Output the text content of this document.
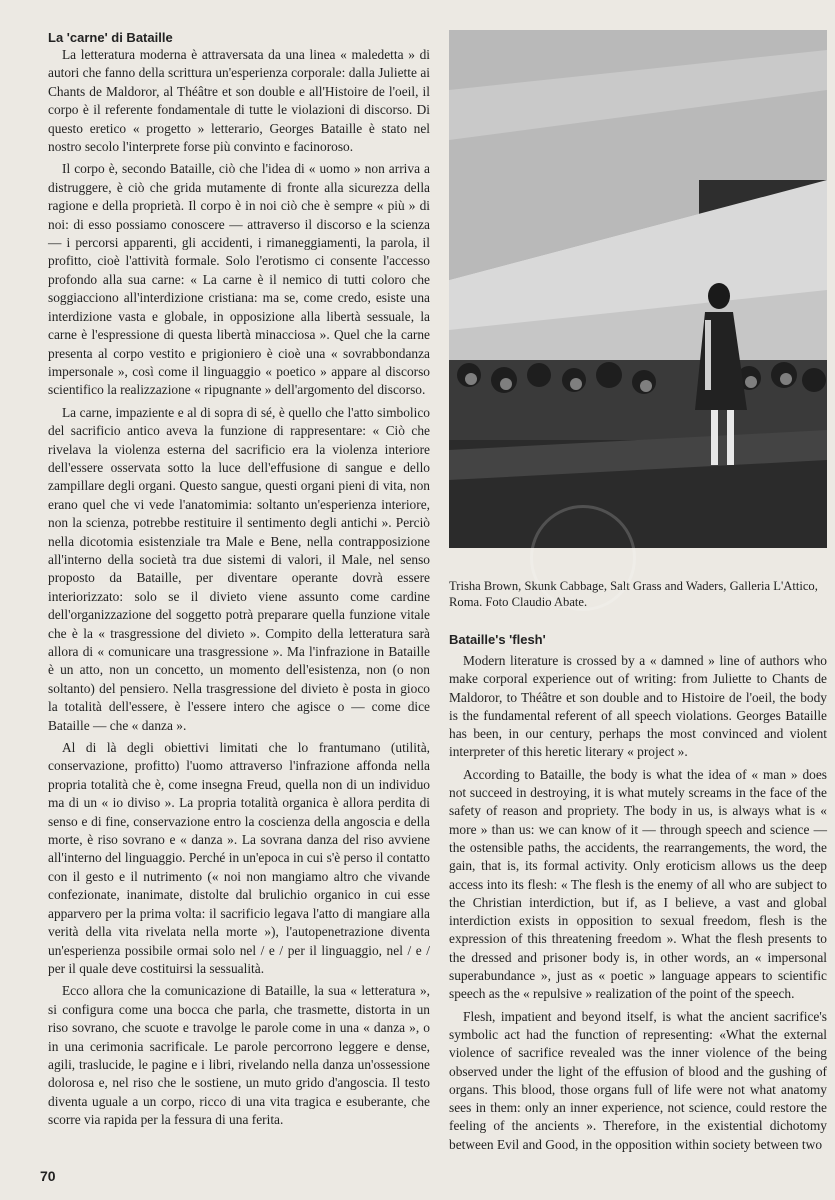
La 'carne' di Bataille

La letteratura moderna è attraversata da una linea « maledetta » di autori che fanno della scrittura un'esperienza corporale: dalla Juliette ai Chants de Maldoror, al Théâtre et son double e all'Histoire de l'oeil, il corpo è il referente fondamentale di tutte le violazioni di discorso. Di questo eretico « progetto » letterario, Georges Bataille è stato nel nostro secolo l'interprete forse più convinto e facinoroso.

Il corpo è, secondo Bataille, ciò che l'idea di « uomo » non arriva a distruggere, è ciò che grida mutamente di fronte alla sicurezza della ragione e della proprietà. Il corpo è in noi ciò che è sempre « più » di noi: di esso possiamo conoscere — attraverso il discorso e la scienza — i percorsi apparenti, gli accidenti, i rimaneggiamenti, la parola, il profitto, cioè l'attività formale. Solo l'erotismo ci consente l'accesso profondo alla sua carne: « La carne è il nemico di tutti coloro che soggiacciono all'interdizione cristiana: ma se, come credo, esiste una interdizione vasta e globale, in opposizione alla libertà sessuale, la carne è l'espressione di questa libertà minacciosa ». Quel che la carne presenta al corpo vestito e prigioniero è cioè una « sovrabbondanza impersonale », così come il linguaggio « poetico » appare al discorso scientifico la realizzazione « ripugnante » dell'argomento del discorso.

La carne, impaziente e al di sopra di sé, è quello che l'atto simbolico del sacrificio antico aveva la funzione di rappresentare: « Ciò che rivelava la violenza esterna del sacrificio era la violenza interiore dell'essere osservata sotto la luce dell'effusione di sangue e dello zampillare degli organi. Questo sangue, questi organi pieni di vita, non erano quel che vi vede l'anatomimia: soltanto un'esperienza interiore, non la scienza, potrebbe restituire il sentimento degli antichi ». Perciò nella dicotomia esistenziale tra Male e Bene, nella contrapposizione all'interno della società tra due sistemi di valori, il Male, nel senso proposto da Bataille, per diventare operante dovrà essere interiorizzato: solo se il divieto viene assunto come cardine dell'organizzazione del soggetto potrà preparare quella funzione vitale che è la « trasgressione del divieto ». Compito della letteratura sarà allora di « comunicare una trasgressione ». Ma l'infrazione in Bataille è un atto, non un concetto, un momento dell'esistenza, non (o non soltanto) del pensiero. Nella trasgressione del divieto è posta in gioco la totalità dell'essere, è l'essere intero che agisce o — come dice Bataille — che « danza ».

Al di là degli obiettivi limitati che lo frantumano (utilità, conservazione, profitto) l'uomo attraverso l'infrazione affonda nella propria totalità che è, come insegna Freud, quella non di un individuo ma di un « io diviso ». La propria totalità organica è allora perdita di senso e di fine, conservazione entro la coscienza della angoscia e della morte, è riso sovrano e « danza ». La sovrana danza del riso avviene all'interno del linguaggio. Perché in un'epoca in cui s'è perso il contatto con il gesto e il nutrimento (« noi non mangiamo altro che vivande confezionate, inanimate, distolte dal brulichio organico in cui esse apparvero per la prima volta: il sacrificio legava l'atto di mangiare alla verità della vita rivelata nella morte »), l'autopenetrazione diventa un'esperienza possibile ormai solo nel / e / per il linguaggio, nel / e / per il quale deve costituirsi la sessualità.

Ecco allora che la comunicazione di Bataille, la sua « letteratura », si configura come una bocca che parla, che trasmette, distorta in un riso sovrano, che scuote e travolge le parole come in una « danza », o in una cerimonia sacrificale. Le parole percorrono leggere e dense, agili, traslucide, le pagine e i libri, rivelando nella danza un'ossessione dolorosa e, nel riso che le sostiene, un muto grido d'angoscia. Il testo diventa uguale a un corpo, ricco di una vita tragica e esuberante, che scorre via rapida per la fessura di una ferita.

Trisha Brown, Skunk Cabbage, Salt Grass and Waders, Galleria L'Attico, Roma. Foto Claudio Abate.
Bataille's 'flesh'

Modern literature is crossed by a « damned » line of authors who make corporal experience out of writing: from Juliette to Chants de Maldoror, to Théâtre et son double and to Histoire de l'oeil, the body is the fundamental referent of all speech violations. Georges Bataille has been, in our century, perhaps the most convinced and violent interpreter of this heretic literary « project ».

According to Bataille, the body is what the idea of « man » does not succeed in destroying, it is what mutely screams in the face of the safety of reason and propriety. The body in us, is always what is « more » than us: we can know of it — through speech and science — the ostensible paths, the accidents, the rearrangements, the word, the gain, that is, its formal activity. Only eroticism allows us the deep access into its flesh: « The flesh is the enemy of all who are subject to the Christian interdiction, but if, as I believe, a vast and global interdiction exists in opposition to sexual freedom, flesh is the expression of this threatening freedom ». What the flesh presents to the dressed and prisoner body is, in other words, an « impersonal superabundance », just as « poetic » language appears to scientific speech as the « repulsive » realization of the point of the speech.

Flesh, impatient and beyond itself, is what the ancient sacrifice's symbolic act had the function of representing: «What the external violence of sacrifice revealed was the inner violence of the being observed under the light of the effusion of blood and the gushing of organs. This blood, those organs full of life were not what anatomy sees in them: only an inner experience, not science, could restore the feeling of the ancients ». Therefore, in the existential dichotomy between Evil and Good, in the opposition within society between two

70
